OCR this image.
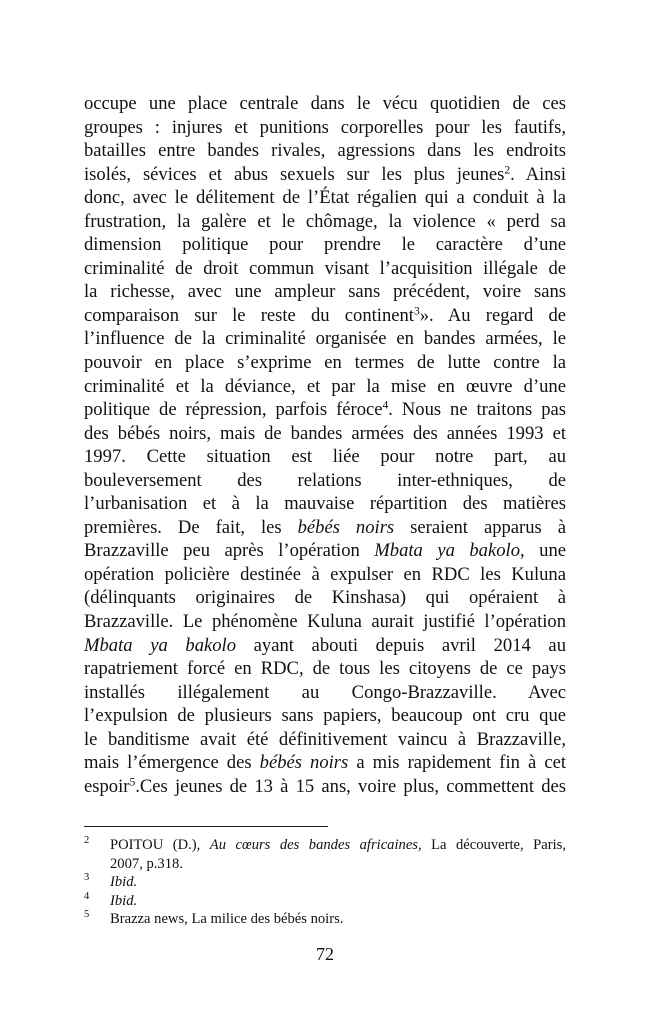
occupe une place centrale dans le vécu quotidien de ces
groupes : injures et punitions corporelles pour les fautifs,
batailles entre bandes rivales, agressions dans les endroits
isolés, sévices et abus sexuels sur les plus jeunes$^2$. Ainsi
donc, avec le délitement de l’État régalien qui a conduit à la
frustration, la galère et le chômage, la violence « perd sa
dimension politique pour prendre le caractère d’une
criminalité de droit commun visant l’acquisition illégale de
la richesse, avec une ampleur sans précédent, voire sans
comparaison sur le reste du continent$^3$». Au regard de
l’influence de la criminalité organisée en bandes armées, le
pouvoir en place s’exprime en termes de lutte contre la
criminalité et la déviance, et par la mise en œuvre d’une
politique de répression, parfois féroce$^4$. Nous ne traitons pas
des bébés noirs, mais de bandes armées des années 1993 et
1997. Cette situation est liée pour notre part, au
bouleversement des relations inter-ethniques, de
l’urbanisation et à la mauvaise répartition des matières
premières. De fait, les bébés noirs seraient apparus à
Brazzaville peu après l’opération Mbata ya bakolo, une
opération policière destinée à expulser en RDC les Kuluna
(délinquants originaires de Kinshasa) qui opéraient à
Brazzaville. Le phénomène Kuluna aurait justifié l’opération
Mbata ya bakolo ayant abouti depuis avril 2014 au
rapatriement forcé en RDC, de tous les citoyens de ce pays
installés illégalement au Congo-Brazzaville. Avec
l’expulsion de plusieurs sans papiers, beaucoup ont cru que
le banditisme avait été définitivement vaincu à Brazzaville,
mais l’émergence des bébés noirs a mis rapidement fin à cet
espoir$^5$.Ces jeunes de 13 à 15 ans, voire plus, commettent des
2 POITOU (D.), Au cœurs des bandes africaines, La découverte, Paris,
2007, p.318.
3 Ibid.
4 Ibid.
5 Brazza news, La milice des bébés noirs.
72
